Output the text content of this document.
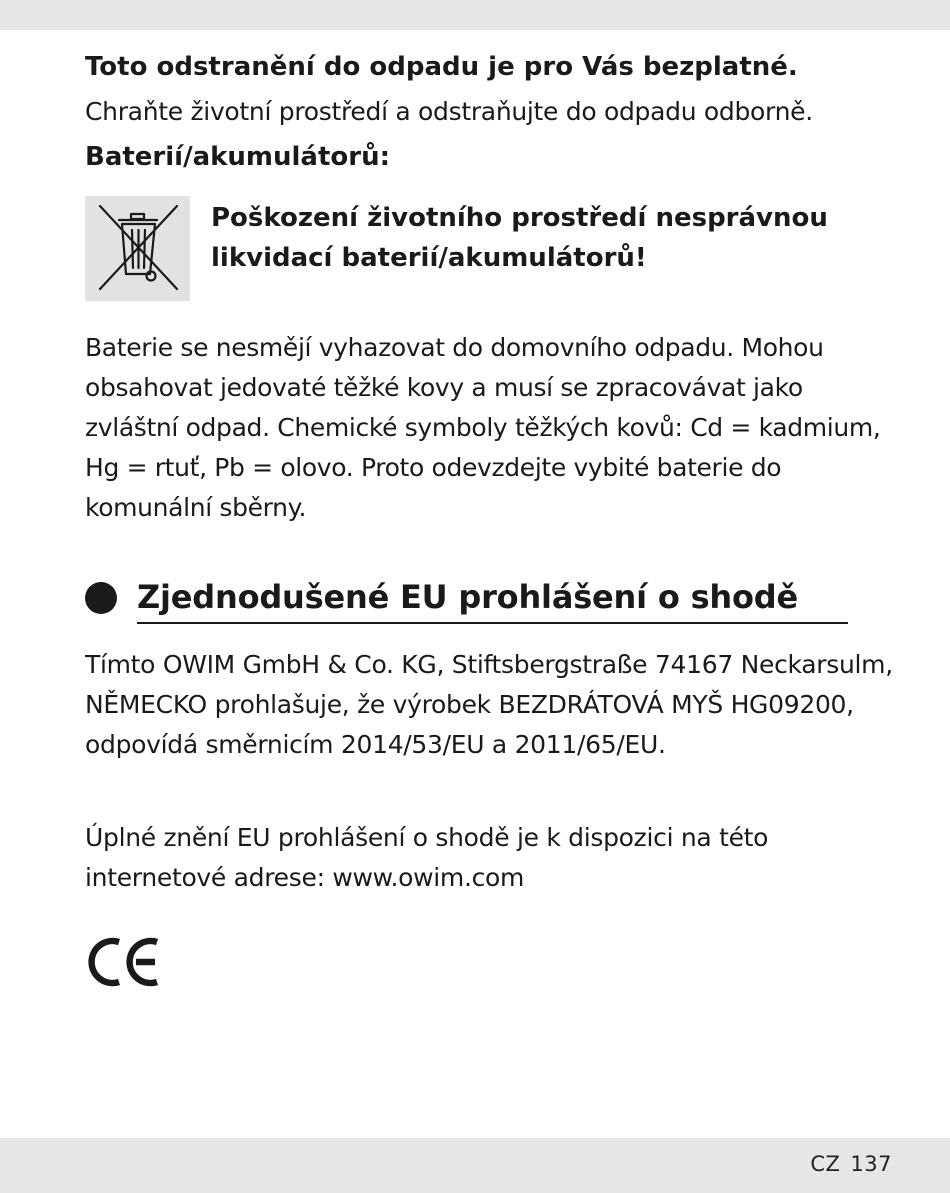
Toto odstranění do odpadu je pro Vás bezplatné.

Chraňte životní prostředí a odstraňujte do odpadu odborně.

Baterií/akumulátorů:

Poškození životního prostředí nesprávnou likvidací baterií/akumulátorů!

Baterie se nesmějí vyhazovat do domovního odpadu. Mohou obsahovat jedovaté těžké kovy a musí se zpracovávat jako zvláštní odpad. Chemické symboly těžkých kovů: Cd = kadmium, Hg = rtuť, Pb = olovo. Proto odevzdejte vybité baterie do komunální sběrny.

Zjednodušené EU prohlášení o shodě

Tímto OWIM GmbH & Co. KG, Stiftsbergstraße 74167 Neckarsulm, NĚMECKO prohlašuje, že výrobek BEZDRÁTOVÁ MYŠ HG09200, odpovídá směrnicím 2014/53/EU a 2011/65/EU.

Úplné znění EU prohlášení o shodě je k dispozici na této internetové adrese: www.owim.com

CZ 137
